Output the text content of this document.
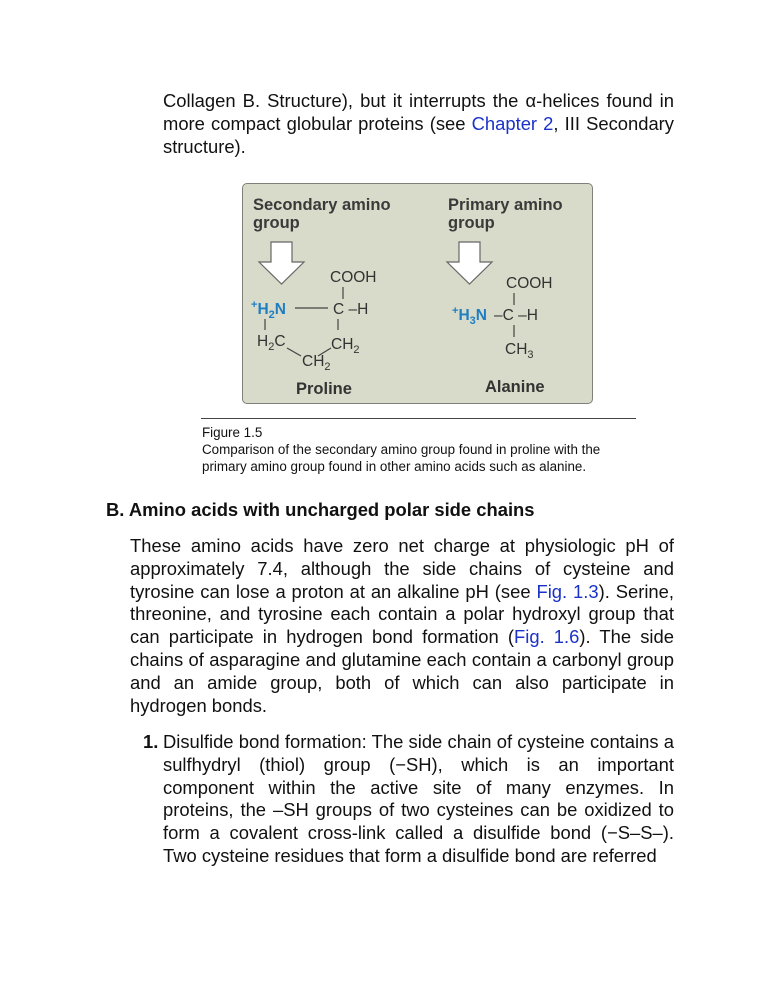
Collagen B. Structure), but it interrupts the α-helices found in more compact globular proteins (see Chapter 2, III Secondary structure).

Secondary amino
group
COOH
$^+H_2N$	C –H
$H_2C$	$CH_2$
$CH_2$
Proline
Primary amino
group
COOH
$^+H_3N$ –C –H
$CH_3$
Alanine
Figure 1.5
Comparison of the secondary amino group found in proline with the primary amino group found in other amino acids such as alanine.
B. Amino acids with uncharged polar side chains

These amino acids have zero net charge at physiologic pH of approximately 7.4, although the side chains of cysteine and tyrosine can lose a proton at an alkaline pH (see Fig. 1.3). Serine, threonine, and tyrosine each contain a polar hydroxyl group that can participate in hydrogen bond formation (Fig. 1.6). The side chains of asparagine and glutamine each contain a carbonyl group and an amide group, both of which can also participate in hydrogen bonds.

1. Disulfide bond formation: The side chain of cysteine contains a sulfhydryl (thiol) group (−SH), which is an important component within the active site of many enzymes. In proteins, the –SH groups of two cysteines can be oxidized to form a covalent cross-link called a disulfide bond (−S–S–). Two cysteine residues that form a disulfide bond are referred
